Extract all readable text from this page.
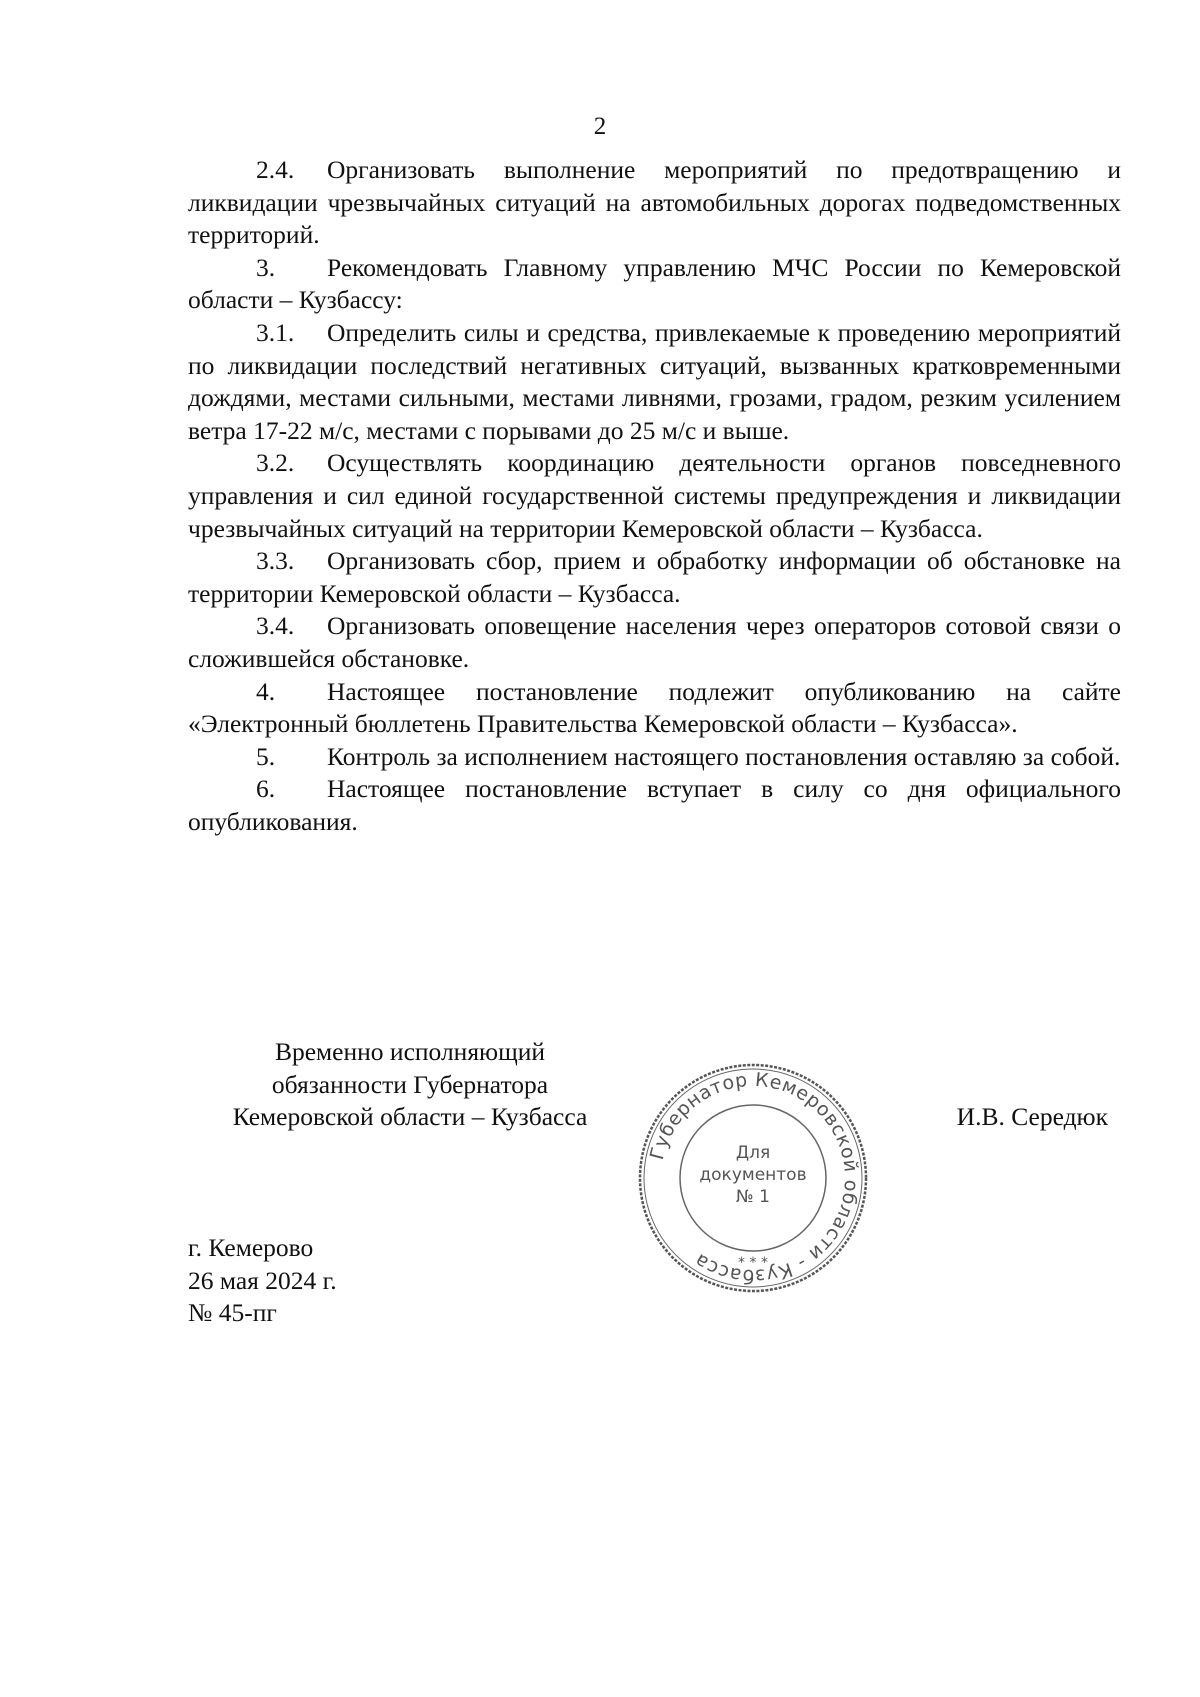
2

2.4. Организовать выполнение мероприятий по предотвращению и ликвидации чрезвычайных ситуаций на автомобильных дорогах подведомственных территорий.

3. Рекомендовать Главному управлению МЧС России по Кемеровской области – Кузбассу:

3.1. Определить силы и средства, привлекаемые к проведению мероприятий по ликвидации последствий негативных ситуаций, вызванных кратковременными дождями, местами сильными, местами ливнями, грозами, градом, резким усилением ветра 17-22 м/с, местами с порывами до 25 м/с и выше.

3.2. Осуществлять координацию деятельности органов повседневного управления и сил единой государственной системы предупреждения и ликвидации чрезвычайных ситуаций на территории Кемеровской области – Кузбасса.

3.3. Организовать сбор, прием и обработку информации об обстановке на территории Кемеровской области – Кузбасса.

3.4. Организовать оповещение населения через операторов сотовой связи о сложившейся обстановке.

4. Настоящее постановление подлежит опубликованию на сайте «Электронный бюллетень Правительства Кемеровской области – Кузбасса».

5. Контроль за исполнением настоящего постановления оставляю за собой.

6. Настоящее постановление вступает в силу со дня официального опубликования.

Временно исполняющий
обязанности Губернатора
Кемеровской области – Кузбасса	И.В. Середюк
Губернатор Кемеровской области - Кузбасса
Для
документов
№ 1
* * *
г. Кемерово
26 мая 2024 г.
№ 45-пг
